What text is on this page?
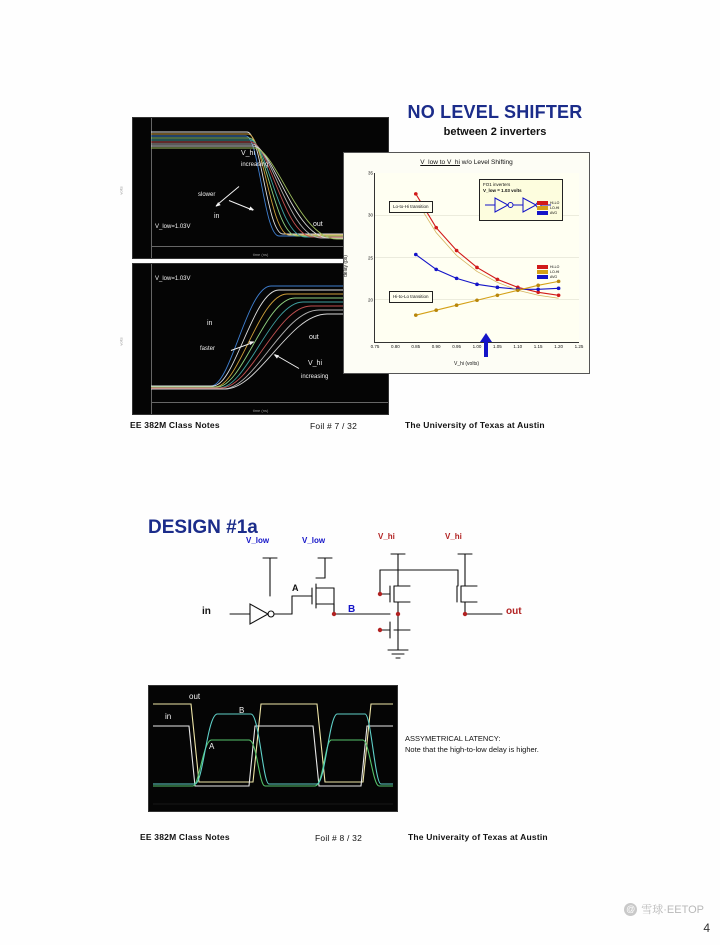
NO LEVEL SHIFTER
between 2 inverters
volts
time (ns)
V_hi
increasing
slower
in
out
V_low=1.03V
volts
time (ns)
V_low=1.03V
in
out
faster
V_hi
increasing
V_low to V_hi w/o Level Shifting
delay (ps)
V_hi (volts)
35
30
25
20
0.75	0.80	0.85	0.90	0.95	1.00	1.05	1.10	1.15	1.20	1.25
Lo-to-Hi transition
Hi-to-Lo transition
FO1 inverters
V_low = 1.03 volts
HI-LO
LO-HI
AVG
HI-LO
LO-HI
AVG
EE 382M Class Notes	Foil # 7 / 32	The University of Texas at Austin
DESIGN #1a
V_low	V_low	V_hi	V_hi
in
A
B	out
out
in
A
B
ASSYMETRICAL LATENCY:
Note that the high-to-low delay is higher.
EE 382M Class Notes	Foil # 8 / 32	The Univeraity of Texas at Austin
@ 雪球·EETOP
4
